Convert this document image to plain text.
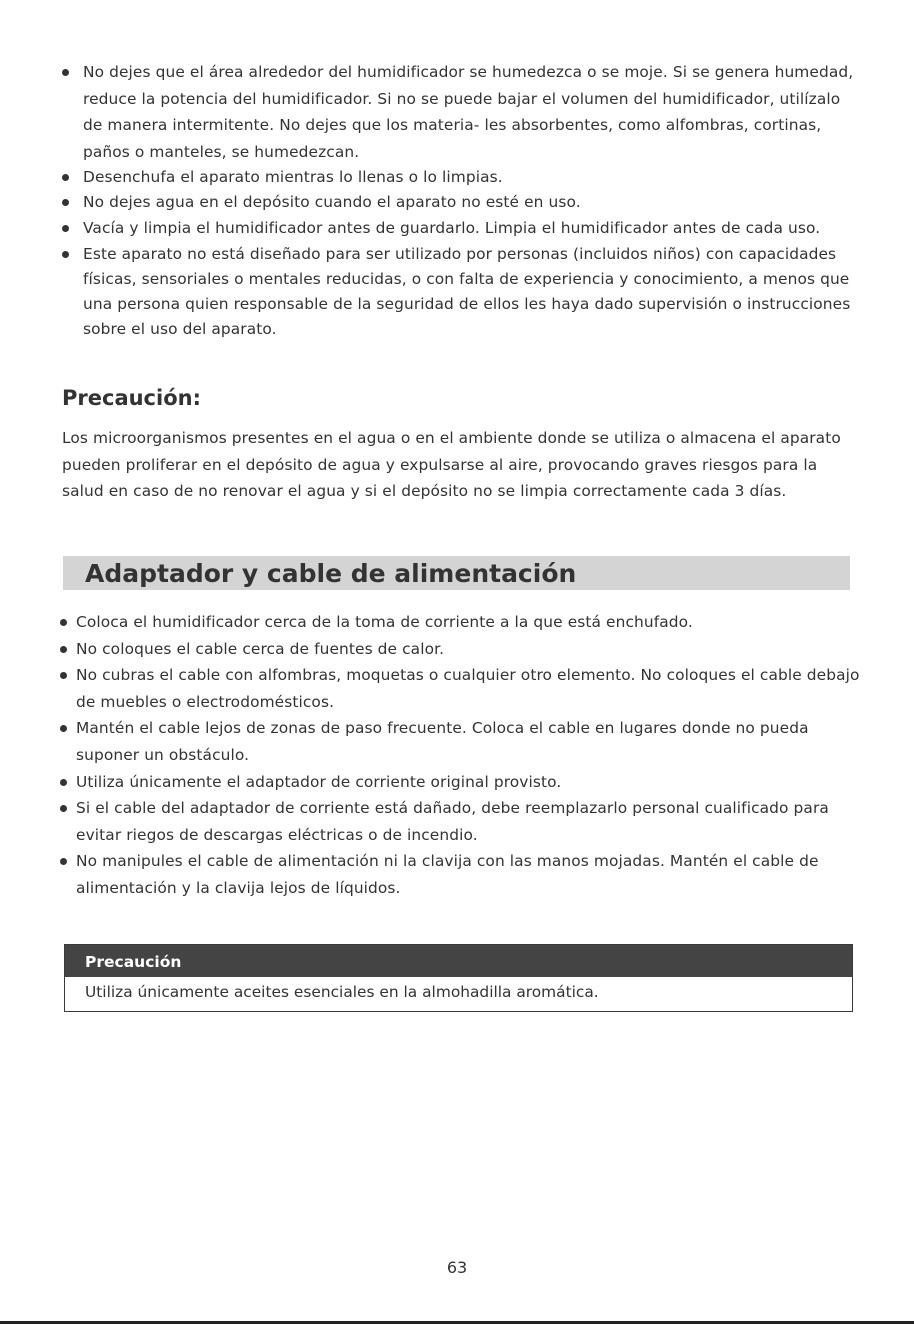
No dejes que el área alrededor del humidificador se humedezca o se moje. Si se genera humedad, reduce la potencia del humidificador. Si no se puede bajar el volumen del humidificador, utilízalo de manera intermitente. No dejes que los materia- les absorbentes, como alfombras, cortinas, paños o manteles, se humedezcan.
Desenchufa el aparato mientras lo llenas o lo limpias.
No dejes agua en el depósito cuando el aparato no esté en uso.
Vacía y limpia el humidificador antes de guardarlo. Limpia el humidificador antes de cada uso.
Este aparato no está diseñado para ser utilizado por personas (incluidos niños) con capacidades físicas, sensoriales o mentales reducidas, o con falta de experiencia y conocimiento, a menos que una persona quien responsable de la seguridad de ellos les haya dado supervisión o instrucciones sobre el uso del aparato.
Precaución:

Los microorganismos presentes en el agua o en el ambiente donde se utiliza o almacena el aparato pueden proliferar en el depósito de agua y expulsarse al aire, provocando graves riesgos para la salud en caso de no renovar el agua y si el depósito no se limpia correctamente cada 3 días.

Adaptador y cable de alimentación
Coloca el humidificador cerca de la toma de corriente a la que está enchufado.
No coloques el cable cerca de fuentes de calor.
No cubras el cable con alfombras, moquetas o cualquier otro elemento. No coloques el cable debajo de muebles o electrodomésticos.
Mantén el cable lejos de zonas de paso frecuente. Coloca el cable en lugares donde no pueda suponer un obstáculo.
Utiliza únicamente el adaptador de corriente original provisto.
Si el cable del adaptador de corriente está dañado, debe reemplazarlo personal cualificado para evitar riegos de descargas eléctricas o de incendio.
No manipules el cable de alimentación ni la clavija con las manos mojadas. Mantén el cable de alimentación y la clavija lejos de líquidos.
Precaución
Utiliza únicamente aceites esenciales en la almohadilla aromática.
63
